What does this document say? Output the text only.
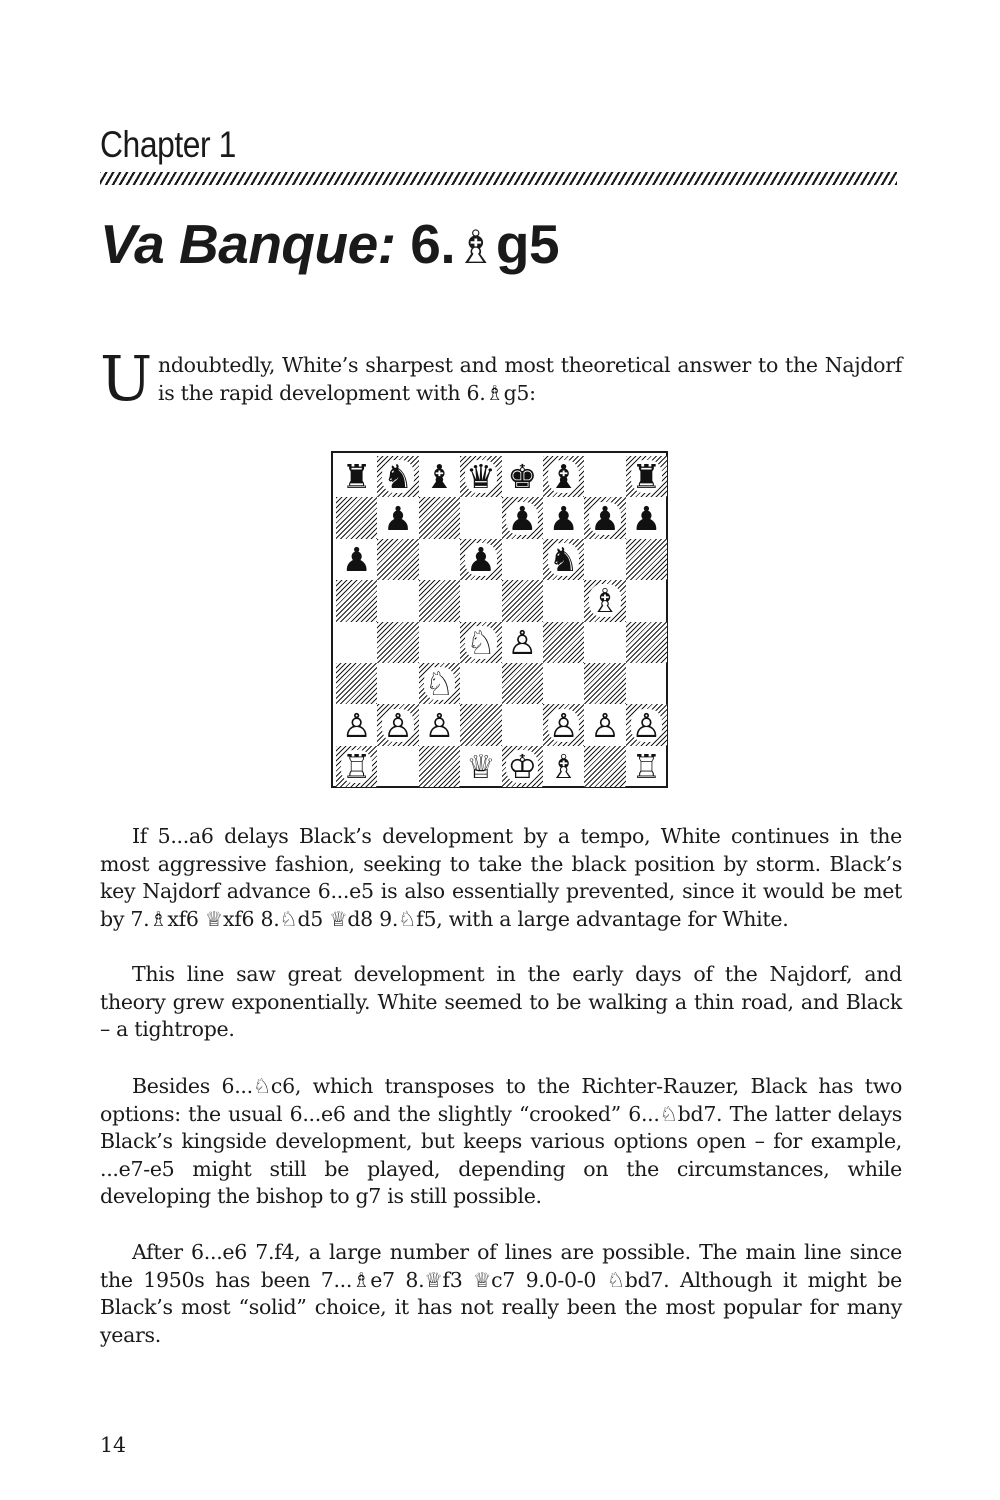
Chapter 1
Va Banque: 6.♗g5
Undoubtedly, White’s sharpest and most theoretical answer to the Najdorf is the rapid development with 6.♗g5:
♜ ♞ ♝ ♛ ♚ ♝ ♜
♟	♟ ♟ ♟ ♟
♟	♟ ♞
♗
♘ ♙
♘
♙ ♙ ♙	♙ ♙ ♙
♖	♕ ♔ ♗ ♖
If 5...a6 delays Black’s development by a tempo, White continues in the most aggressive fashion, seeking to take the black position by storm. Black’s key Najdorf advance 6...e5 is also essentially prevented, since it would be met by 7.♗xf6 ♕xf6 8.♘d5 ♕d8 9.♘f5, with a large advantage for White.
This line saw great development in the early days of the Najdorf, and theory grew exponentially. White seemed to be walking a thin road, and Black – a tightrope.
Besides 6...♘c6, which transposes to the Richter-Rauzer, Black has two options: the usual 6...e6 and the slightly “crooked” 6...♘bd7. The latter delays Black’s kingside development, but keeps various options open – for example, ...e7-e5 might still be played, depending on the circumstances, while developing the bishop to g7 is still possible.
After 6...e6 7.f4, a large number of lines are possible. The main line since the 1950s has been 7...♗e7 8.♕f3 ♕c7 9.0-0-0 ♘bd7. Although it might be Black’s most “solid” choice, it has not really been the most popular for many years.
14
